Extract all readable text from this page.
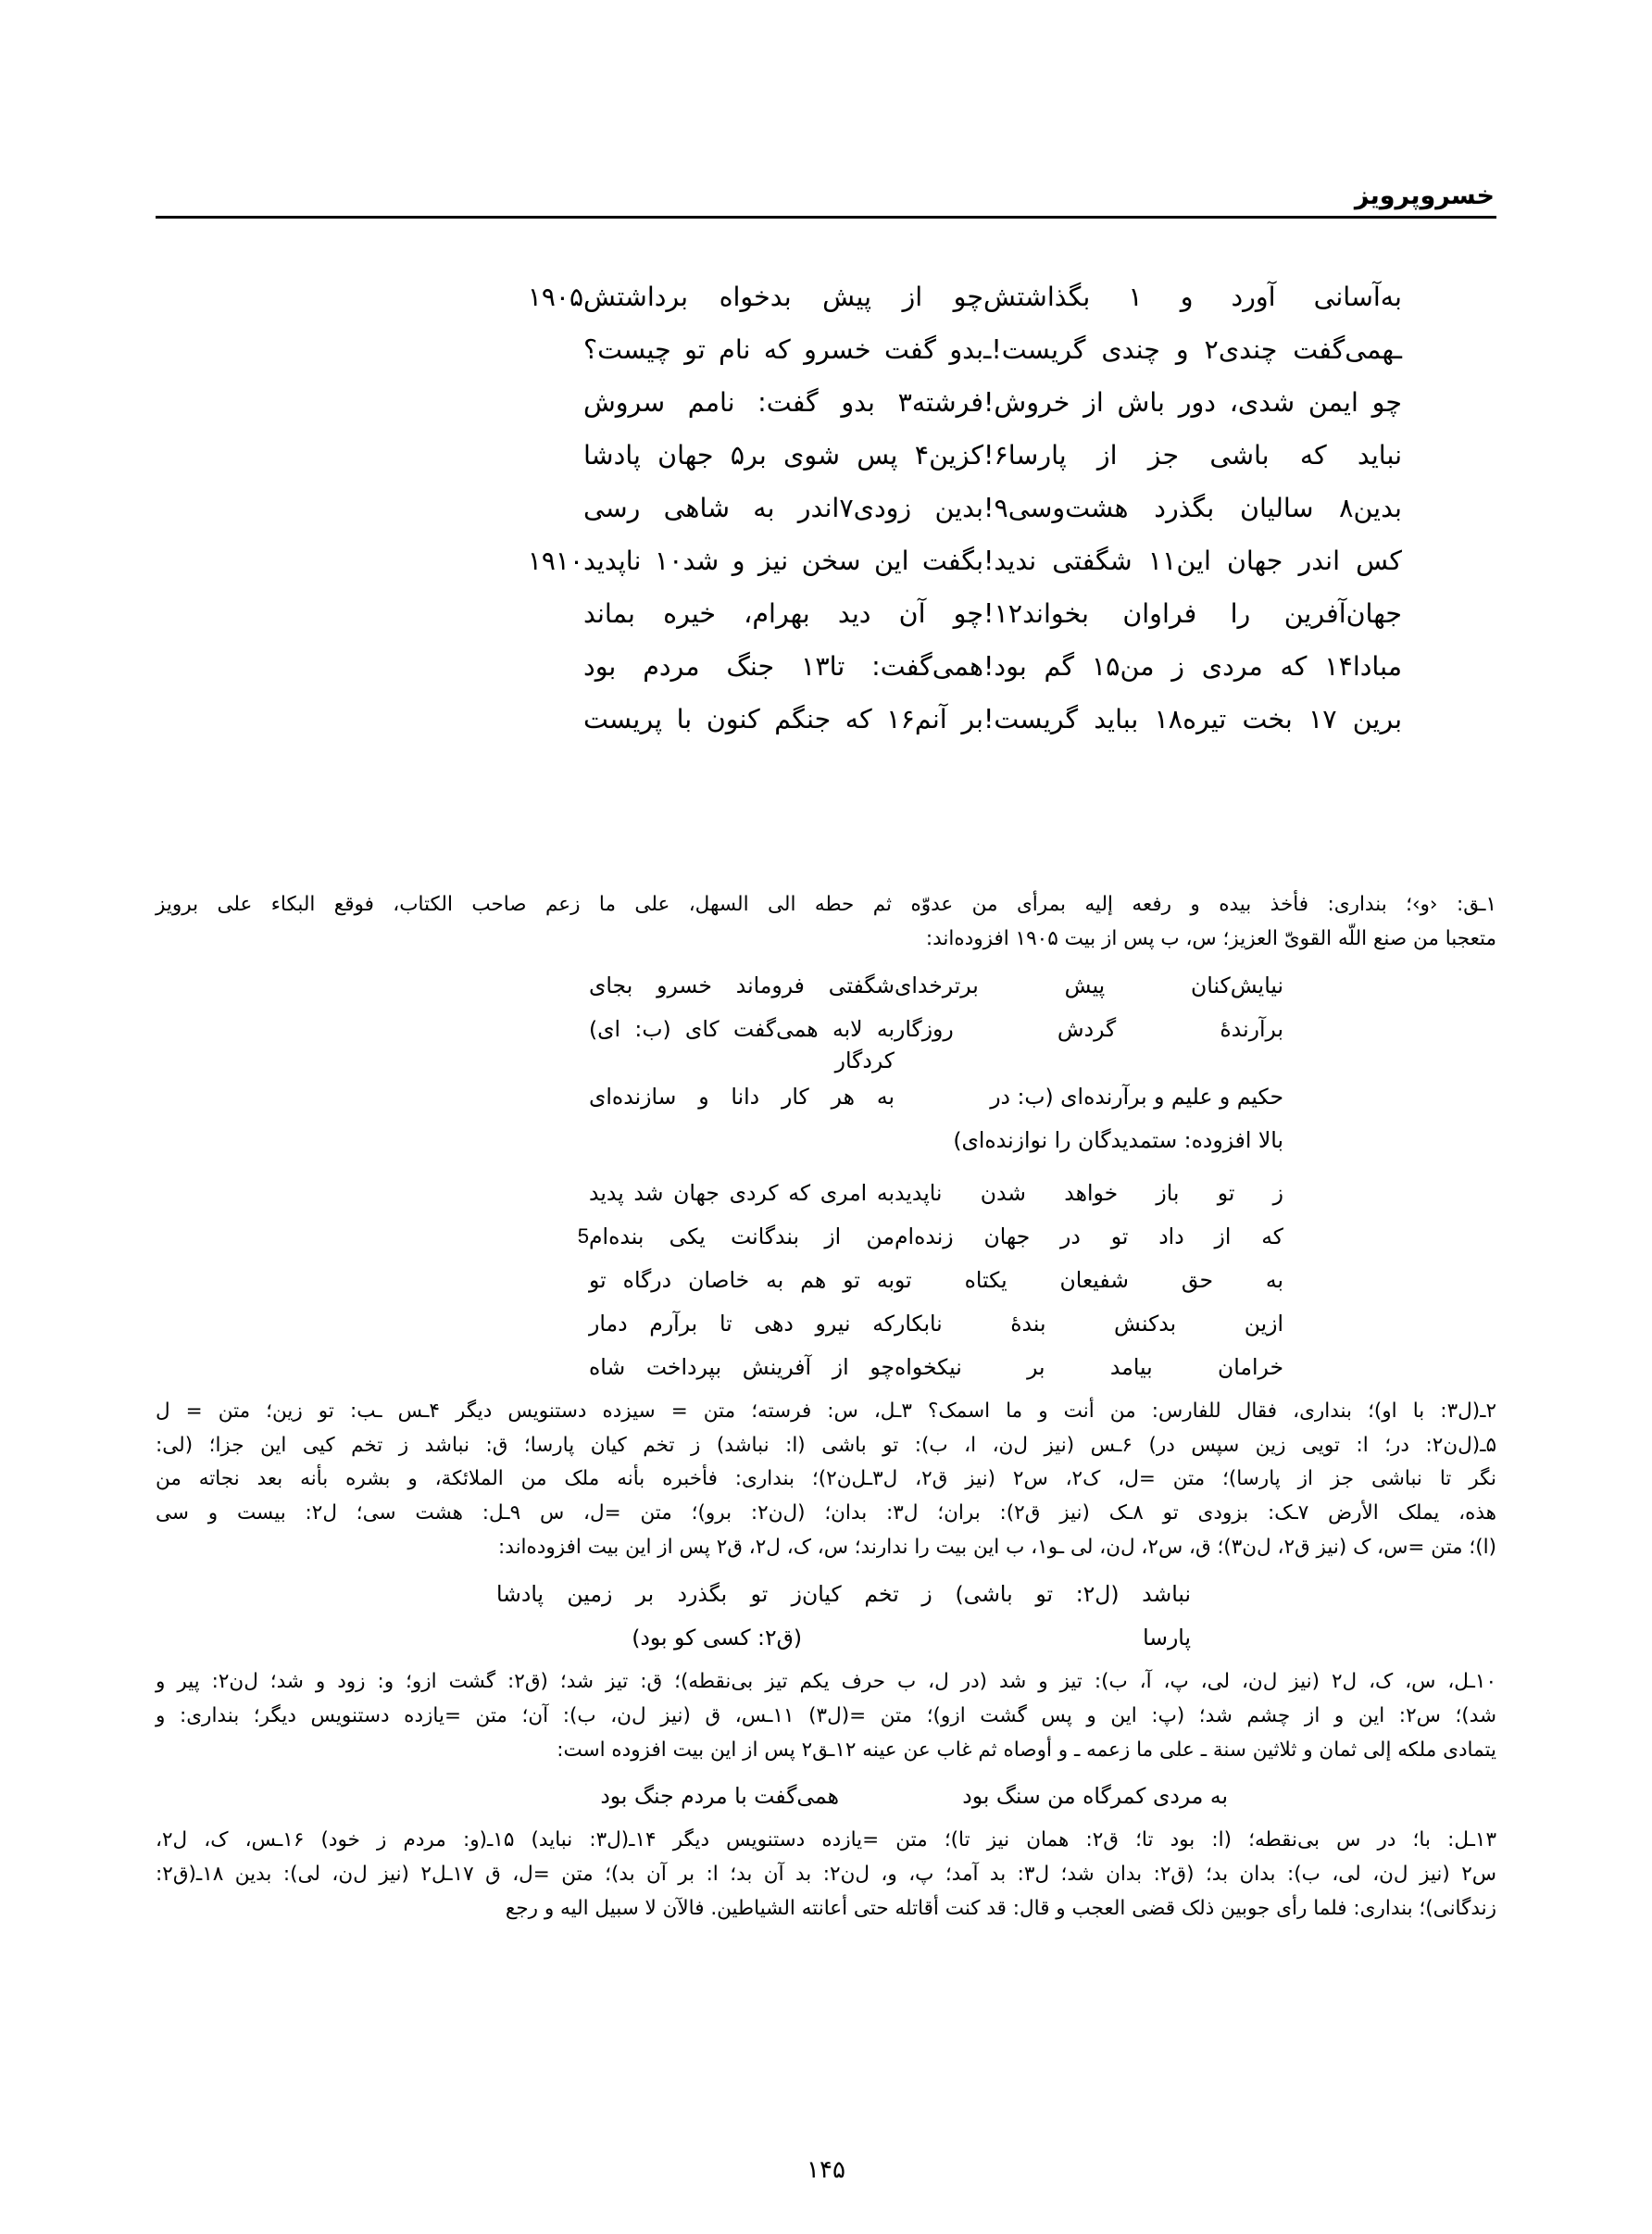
خسروپرویز
به‌آسانی آورد و ۱ بگذاشتش
چو از پیش بدخواه برداشتش
۱۹۰۵
ـهمی‌گفت چندی۲ و چندی گریست!ـ
بدو گفت خسرو که نام تو چیست؟
چو ایمن شدی، دور باش از خروش!
فرشته۳ بدو گفت: نامم سروش
نباید که باشی جز از پارسا۶!
کزین۴ پس شوی بر۵ جهان پادشا
بدین۸ سالیان بگذرد هشت‌وسی۹!
بدین زودی۷اندر به شاهی رسی
کس اندر جهان این۱۱ شگفتی ندید!
بگفت این سخن نیز و شد۱۰ ناپدید
۱۹۱۰
جهان‌آفرین را فراوان بخواند۱۲!
چو آن دید بهرام، خیره بماند
مبادا۱۴ که مردی ز من۱۵ گم بود!
همی‌گفت: تا۱۳ جنگ مردم بود
برین ۱۷ بخت تیره۱۸ بباید گریست!
بر آنم۱۶ که جنگم کنون با پریست

۱ـق: ‹و›؛ بنداری: فأخذ بیده و رفعه إلیه بمرأی من عدوّه ثم حطه الی السهل، علی ما زعم صاحب الکتاب، فوقع البکاء علی برویز

متعجبا من صنع اللّه القویّ العزیز؛ س، ب پس از بیت ۱۹۰۵ افزوده‌اند:

نیایش‌کنان پیش برترخدای
شگفتی فروماند خسرو بجای
برآرندهٔ گردش روزگار
به لابه همی‌گفت کای (ب: ای) کردگار
حکیم و علیم و برآرنده‌ای (ب: در
به هر کار دانا و سازنده‌ای
بالا افزوده: ستمدیدگان را نوازنده‌ای)
ز تو باز خواهد شدن ناپدید
به امری که کردی جهان شد پدید
که از داد تو در جهان زنده‌ام
من از بندگانت یکی بنده‌ام
5
به حق شفیعان یکتاه تو
به تو هم به خاصان درگاه تو
ازین بدکنش بندهٔ نابکار
که نیرو دهی تا برآرم دمار
خرامان بیامد بر نیکخواه
چو از آفرینش بپرداخت شاه

۲ـ(ل۳: با او)؛ بنداری، فقال للفارس: من أنت و ما اسمک؟ ۳ـل، س: فرسته؛ متن = سیزده دستنویس دیگر ۴ـس ـب: تو زین؛ متن = ل

۵ـ(ل‌ن۲: در؛ ا: تویی زین سپس در) ۶ـس (نیز ل‌ن، ا، ب): تو باشی (ا: نباشد) ز تخم کیان پارسا؛ ق: نباشد ز تخم کیی این جزا؛ (لی:

نگر تا نباشی جز از پارسا)؛ متن =ل، ک۲، س۲ (نیز ق۲، ل۳ـل‌ن۲)؛ بنداری: فأخبره بأنه ملک من الملائکة، و بشره بأنه بعد نجاته من

هذه، یملک الأرض ۷ـک: بزودی تو ۸ـک (نیز ق۲): بران؛ ل۳: بدان؛ (ل‌ن۲: برو)؛ متن =ل، س ۹ـل: هشت سی؛ ل۲: بیست و سی

(ا)؛ متن =س، ک (نیز ق۲، ل‌ن۳)؛ ق، س۲، ل‌ن، لی ـو۱، ب این بیت را ندارند؛ س، ک، ل۲، ق۲ پس از این بیت افزوده‌اند:

نباشد (ل۲: تو باشی) ز تخم کیان
ز تو بگذرد بر زمین پادشا
پارسا
(ق۲: کسی کو بود)

۱۰ـل، س، ک، ل۲ (نیز ل‌ن، لی، پ، آ، ب): تیز و شد (در ل، ب حرف یکم تیز بی‌نقطه)؛ ق: تیز شد؛ (ق۲: گشت ازو؛ و: زود و شد؛ ل‌ن۲: پیر و

شد)؛ س۲: این و از چشم شد؛ (پ: این و پس گشت ازو)؛ متن =(ل۳) ۱۱ـس، ق (نیز ل‌ن، ب): آن؛ متن =یازده دستنویس دیگر؛ بنداری: و

یتمادی ملکه إلی ثمان و ثلاثین سنة ـ علی ما زعمه ـ و أوصاه ثم غاب عن عینه ۱۲ـق۲ پس از این بیت افزوده است:

به مردی کمرگاه من سنگ بود
همی‌گفت با مردم جنگ بود

۱۳ـل: با؛ در س بی‌نقطه؛ (ا: بود تا؛ ق۲: همان نیز تا)؛ متن =یازده دستنویس دیگر ۱۴ـ(ل۳: نباید) ۱۵ـ(و: مردم ز خود) ۱۶ـس، ک، ل۲،

س۲ (نیز ل‌ن، لی، ب): بدان بد؛ (ق۲: بدان شد؛ ل۳: بد آمد؛ پ، و، ل‌ن۲: بد آن بد؛ ا: بر آن بد)؛ متن =ل، ق ۱۷ـل۲ (نیز ل‌ن، لی): بدین ۱۸ـ(ق۲:

زندگانی)؛ بنداری: فلما رأی جوبین ذلک قضی العجب و قال: قد کنت أقاتله حتی أعانته الشیاطین. فالآن لا سبیل الیه و رجع

۱۴۵
